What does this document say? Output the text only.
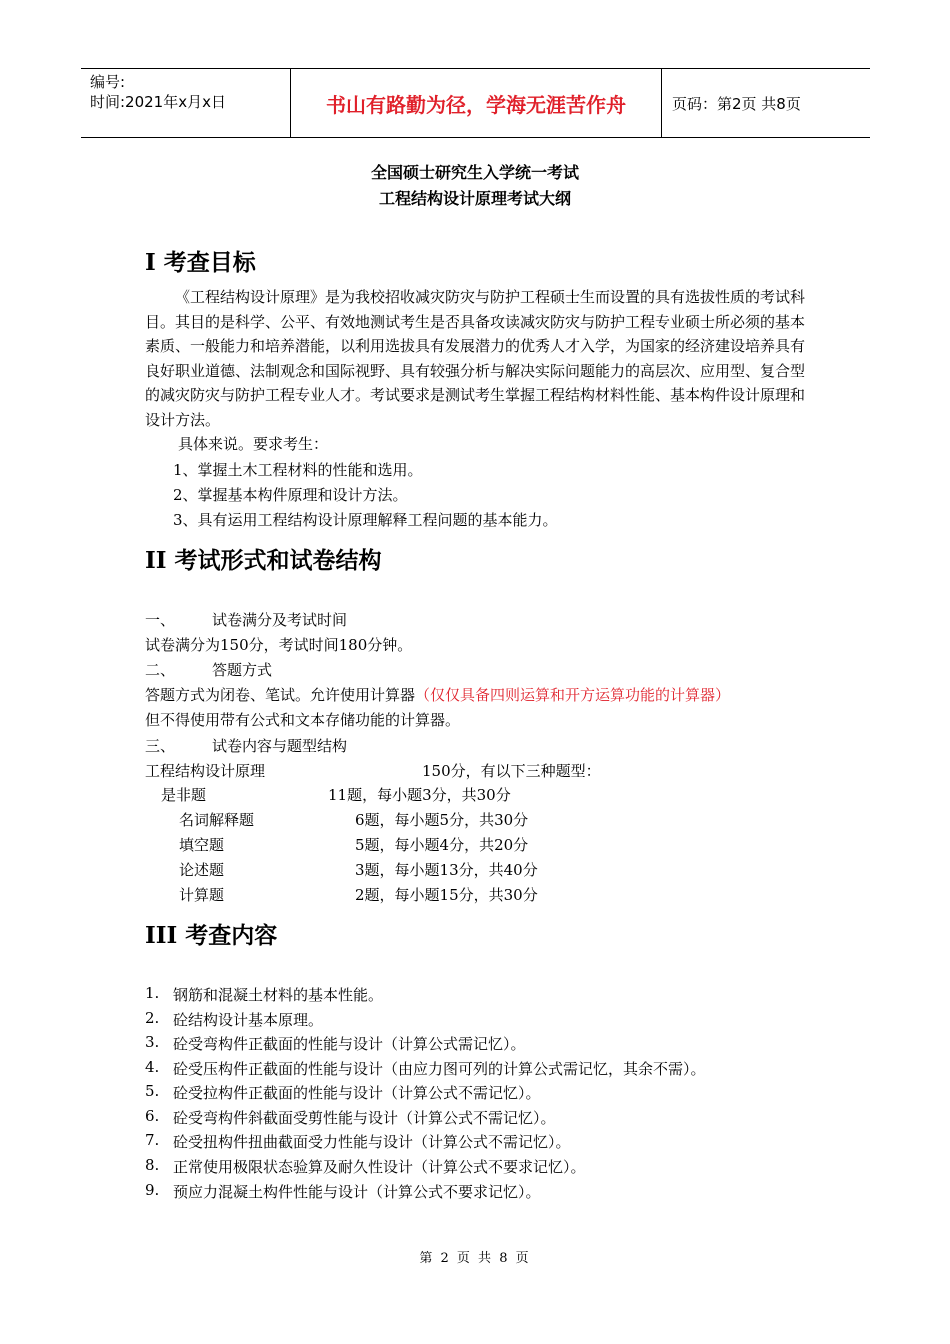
编号:
时间:2021年x月x日	书山有路勤为径，学海无涯苦作舟	页码：第2页 共8页
全国硕士研究生入学统一考试
工程结构设计原理考试大纲
I 考查目标
《工程结构设计原理》是为我校招收减灾防灾与防护工程硕士生而设置的具有选拔性质的考试科目。其目的是科学、公平、有效地测试考生是否具备攻读减灾防灾与防护工程专业硕士所必须的基本素质、一般能力和培养潜能，以利用选拔具有发展潜力的优秀人才入学，为国家的经济建设培养具有良好职业道德、法制观念和国际视野、具有较强分析与解决实际问题能力的高层次、应用型、复合型的减灾防灾与防护工程专业人才。考试要求是测试考生掌握工程结构材料性能、基本构件设计原理和设计方法。
具体来说。要求考生：
1、掌握土木工程材料的性能和选用。
2、掌握基本构件原理和设计方法。
3、具有运用工程结构设计原理解释工程问题的基本能力。
II 考试形式和试卷结构
一、 试卷满分及考试时间
试卷满分为150分，考试时间180分钟。
二、 答题方式
答题方式为闭卷、笔试。允许使用计算器（仅仅具备四则运算和开方运算功能的计算器）
但不得使用带有公式和文本存储功能的计算器。
三、 试卷内容与题型结构
工程结构设计原理	150分，有以下三种题型：
是非题	11题，每小题3分，共30分
名词解释题	6题，每小题5分，共30分
填空题	5题，每小题4分，共20分
论述题	3题，每小题13分，共40分
计算题	2题，每小题15分，共30分
III 考查内容
1. 钢筋和混凝土材料的基本性能。
2. 砼结构设计基本原理。
3. 砼受弯构件正截面的性能与设计（计算公式需记忆）。
4. 砼受压构件正截面的性能与设计（由应力图可列的计算公式需记忆，其余不需）。
5. 砼受拉构件正截面的性能与设计（计算公式不需记忆）。
6. 砼受弯构件斜截面受剪性能与设计（计算公式不需记忆）。
7. 砼受扭构件扭曲截面受力性能与设计（计算公式不需记忆）。
8. 正常使用极限状态验算及耐久性设计（计算公式不要求记忆）。
9. 预应力混凝土构件性能与设计（计算公式不要求记忆）。
第 2 页 共 8 页
